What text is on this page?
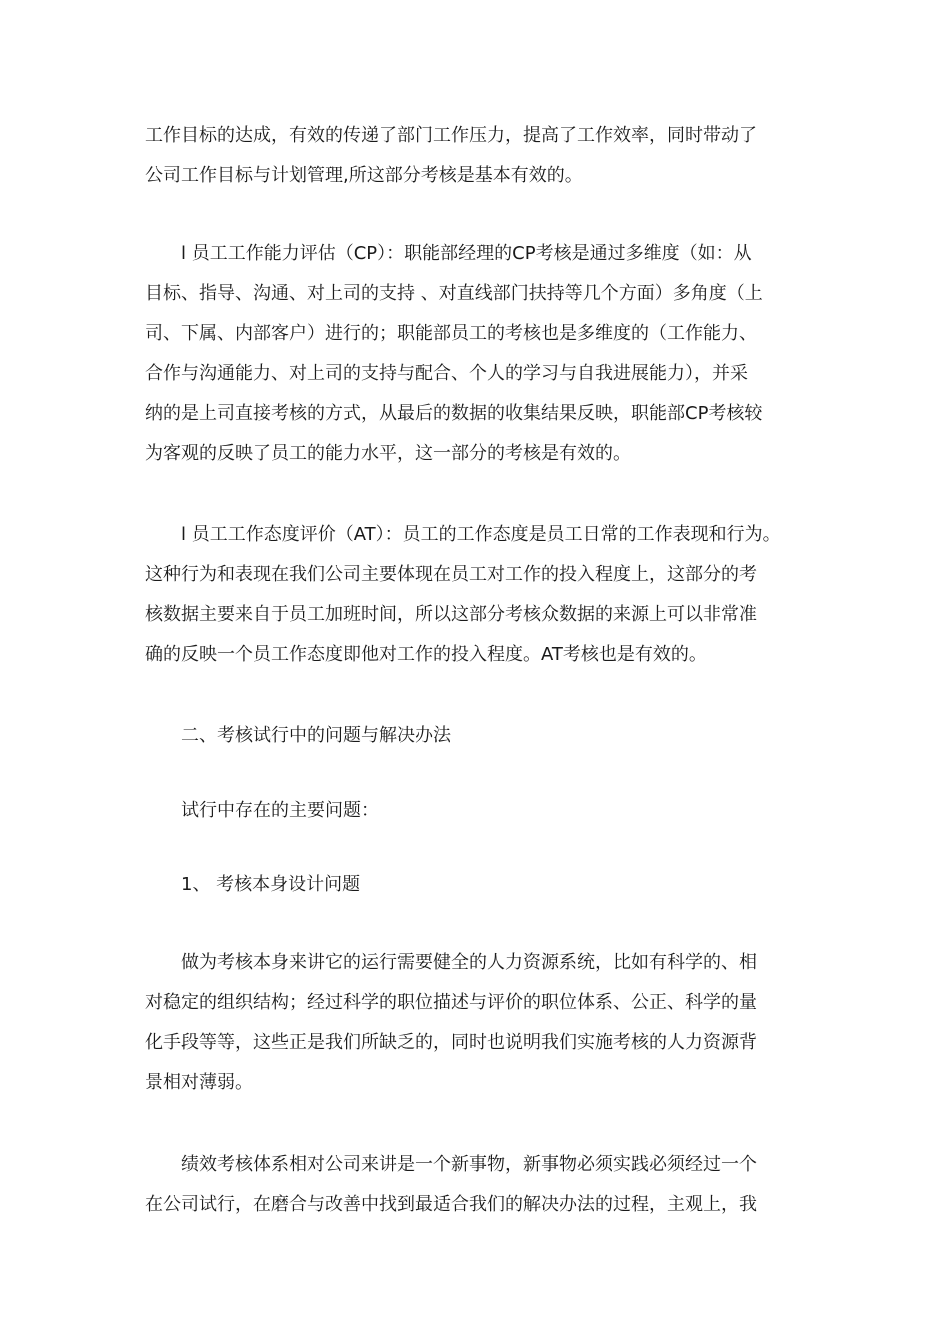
工作目标的达成，有效的传递了部门工作压力，提高了工作效率，同时带动了
公司工作目标与计划管理,所这部分考核是基本有效的。
l 员工工作能力评估（CP）：职能部经理的CP考核是通过多维度（如：从
目标、指导、沟通、对上司的支持 、对直线部门扶持等几个方面）多角度（上
司、下属、内部客户）进行的；职能部员工的考核也是多维度的（工作能力、
合作与沟通能力、对上司的支持与配合、个人的学习与自我进展能力），并采
纳的是上司直接考核的方式，从最后的数据的收集结果反映，职能部CP考核较
为客观的反映了员工的能力水平，这一部分的考核是有效的。
l 员工工作态度评价（AT）：员工的工作态度是员工日常的工作表现和行为。
这种行为和表现在我们公司主要体现在员工对工作的投入程度上，这部分的考
核数据主要来自于员工加班时间，所以这部分考核众数据的来源上可以非常准
确的反映一个员工作态度即他对工作的投入程度。AT考核也是有效的。
二、考核试行中的问题与解决办法
试行中存在的主要问题：
1、 考核本身设计问题
做为考核本身来讲它的运行需要健全的人力资源系统，比如有科学的、相
对稳定的组织结构；经过科学的职位描述与评价的职位体系、公正、科学的量
化手段等等，这些正是我们所缺乏的，同时也说明我们实施考核的人力资源背
景相对薄弱。
绩效考核体系相对公司来讲是一个新事物，新事物必须实践必须经过一个
在公司试行，在磨合与改善中找到最适合我们的解决办法的过程，主观上，我
